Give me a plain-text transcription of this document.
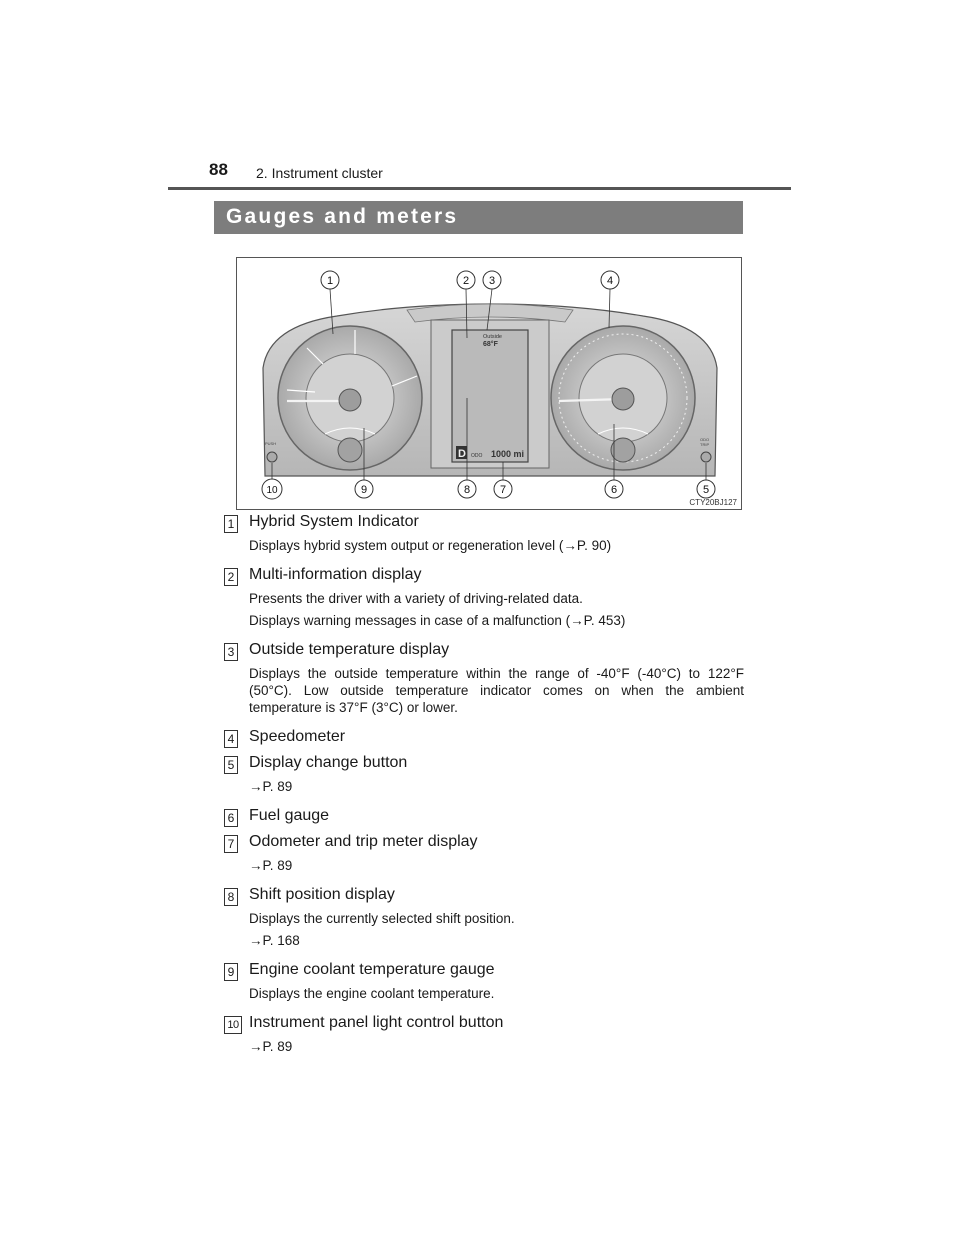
88 2. Instrument cluster
Gauges and meters
Outside
68°F
D ODO 1000 mi
PUSH
ODO
TRIP
1	2 3	4
5
6
7
8
9
10
CTY20BJ127
1 Hybrid System Indicator

Displays hybrid system output or regeneration level (→P. 90)

2 Multi-information display

Presents the driver with a variety of driving-related data.

Displays warning messages in case of a malfunction (→P. 453)

3 Outside temperature display

Displays the outside temperature within the range of -40°F (-40°C) to 122°F (50°C). Low outside temperature indicator comes on when the ambient temperature is 37°F (3°C) or lower.

4 Speedometer
5 Display change button

→P. 89

6 Fuel gauge
7 Odometer and trip meter display

→P. 89

8 Shift position display

Displays the currently selected shift position.

→P. 168

9 Engine coolant temperature gauge

Displays the engine coolant temperature.

10 Instrument panel light control button

→P. 89
